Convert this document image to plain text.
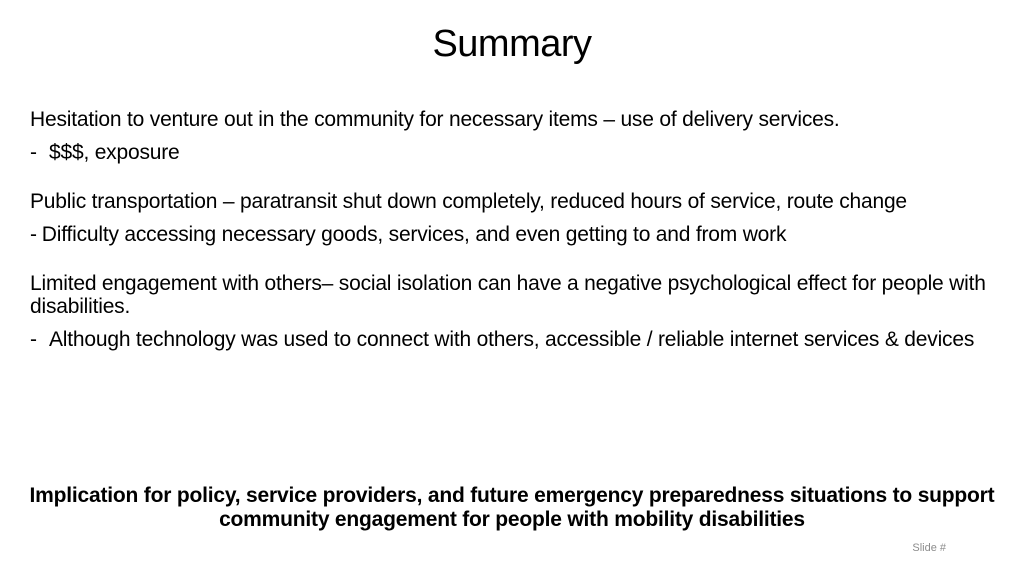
Summary

Hesitation to venture out in the community for necessary items – use of delivery services.

- $$$, exposure

Public transportation – paratransit shut down completely, reduced hours of service, route change

- Difficulty accessing necessary goods, services, and even getting to and from work

Limited engagement with others– social isolation can have a negative psychological effect for people with disabilities.

- Although technology was used to connect with others, accessible / reliable internet services & devices
Implication for policy, service providers, and future emergency preparedness situations to support community engagement for people with mobility disabilities
Slide #
